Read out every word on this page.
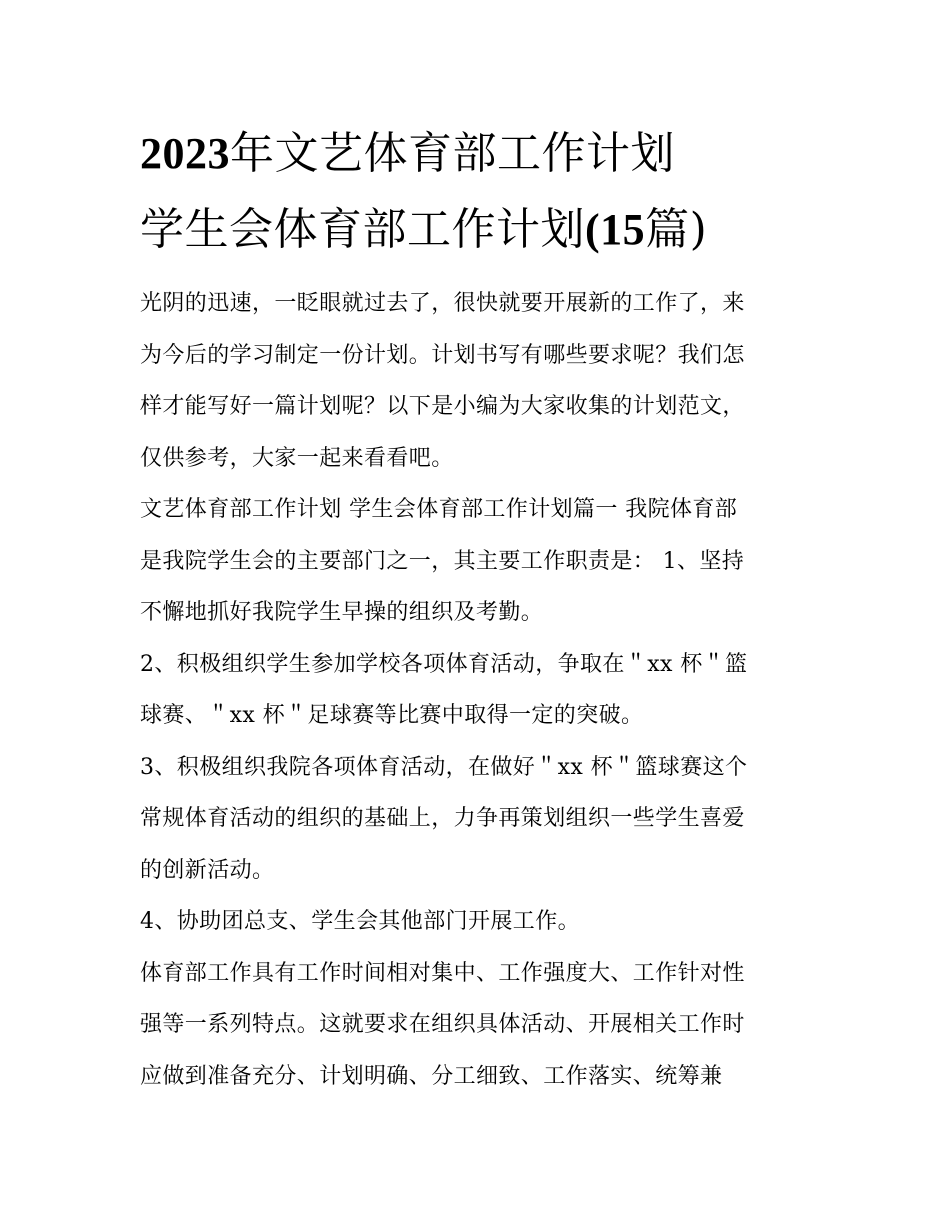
2023年文艺体育部工作计划
学生会体育部工作计划(15篇)

光阴的迅速，一眨眼就过去了，很快就要开展新的工作了，来
为今后的学习制定一份计划。计划书写有哪些要求呢？我们怎
样才能写好一篇计划呢？以下是小编为大家收集的计划范文，
仅供参考，大家一起来看看吧。

文艺体育部工作计划 学生会体育部工作计划篇一 我院体育部
是我院学生会的主要部门之一，其主要工作职责是： 1、坚持
不懈地抓好我院学生早操的组织及考勤。

2、积极组织学生参加学校各项体育活动，争取在＂xx 杯＂篮
球赛、＂xx 杯＂足球赛等比赛中取得一定的突破。

3、积极组织我院各项体育活动，在做好＂xx 杯＂篮球赛这个
常规体育活动的组织的基础上，力争再策划组织一些学生喜爱
的创新活动。

4、协助团总支、学生会其他部门开展工作。

体育部工作具有工作时间相对集中、工作强度大、工作针对性
强等一系列特点。这就要求在组织具体活动、开展相关工作时
应做到准备充分、计划明确、分工细致、工作落实、统筹兼
